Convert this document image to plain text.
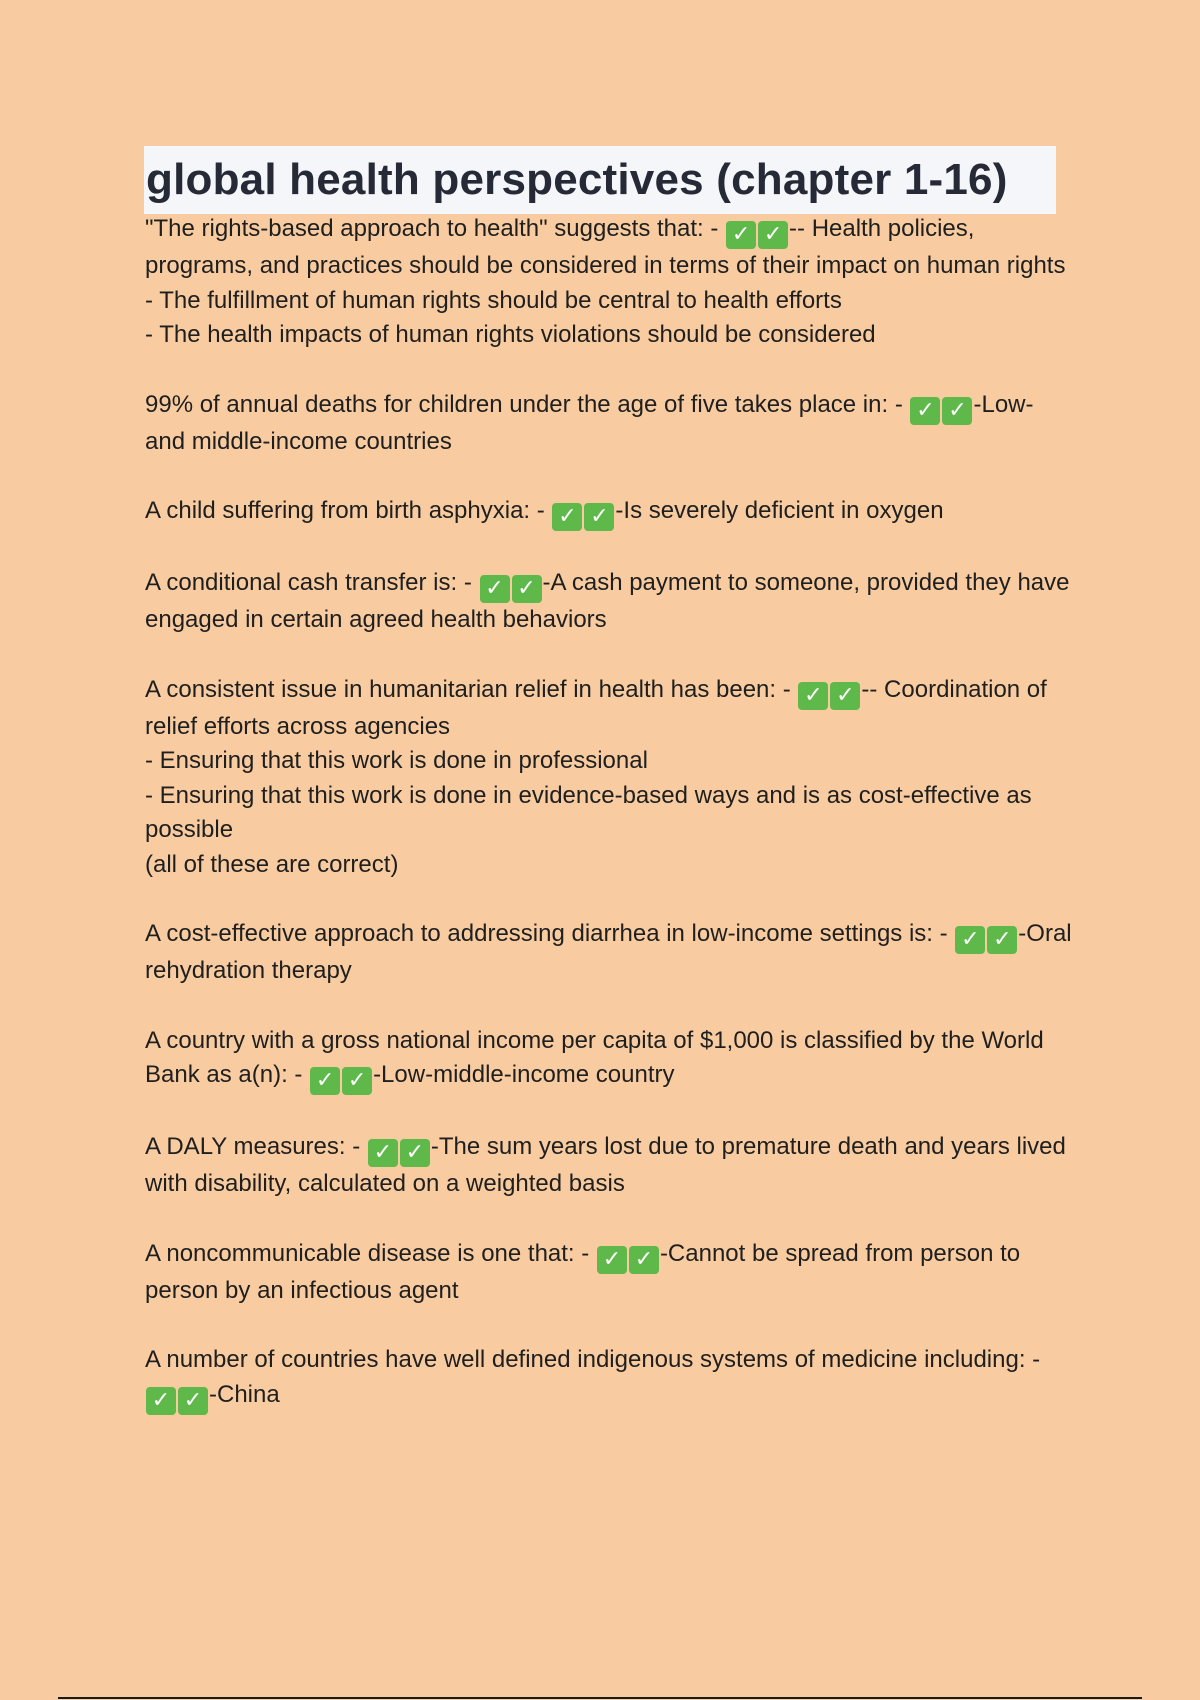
global health perspectives (chapter 1-16)

"The rights-based approach to health" suggests that: - ✓ ✓ -- Health policies, programs, and practices should be considered in terms of their impact on human rights
- The fulfillment of human rights should be central to health efforts
- The health impacts of human rights violations should be considered

99% of annual deaths for children under the age of five takes place in: - ✓ ✓ -Low- and middle-income countries

A child suffering from birth asphyxia: - ✓ ✓ -Is severely deficient in oxygen

A conditional cash transfer is: - ✓ ✓ -A cash payment to someone, provided they have engaged in certain agreed health behaviors

A consistent issue in humanitarian relief in health has been: - ✓ ✓ -- Coordination of relief efforts across agencies
- Ensuring that this work is done in professional
- Ensuring that this work is done in evidence-based ways and is as cost-effective as possible
(all of these are correct)

A cost-effective approach to addressing diarrhea in low-income settings is: - ✓ ✓ -Oral rehydration therapy

A country with a gross national income per capita of $1,000 is classified by the World Bank as a(n): - ✓ ✓ -Low-middle-income country

A DALY measures: - ✓ ✓ -The sum years lost due to premature death and years lived with disability, calculated on a weighted basis

A noncommunicable disease is one that: - ✓ ✓ -Cannot be spread from person to person by an infectious agent

A number of countries have well defined indigenous systems of medicine including: - ✓ ✓ -China
